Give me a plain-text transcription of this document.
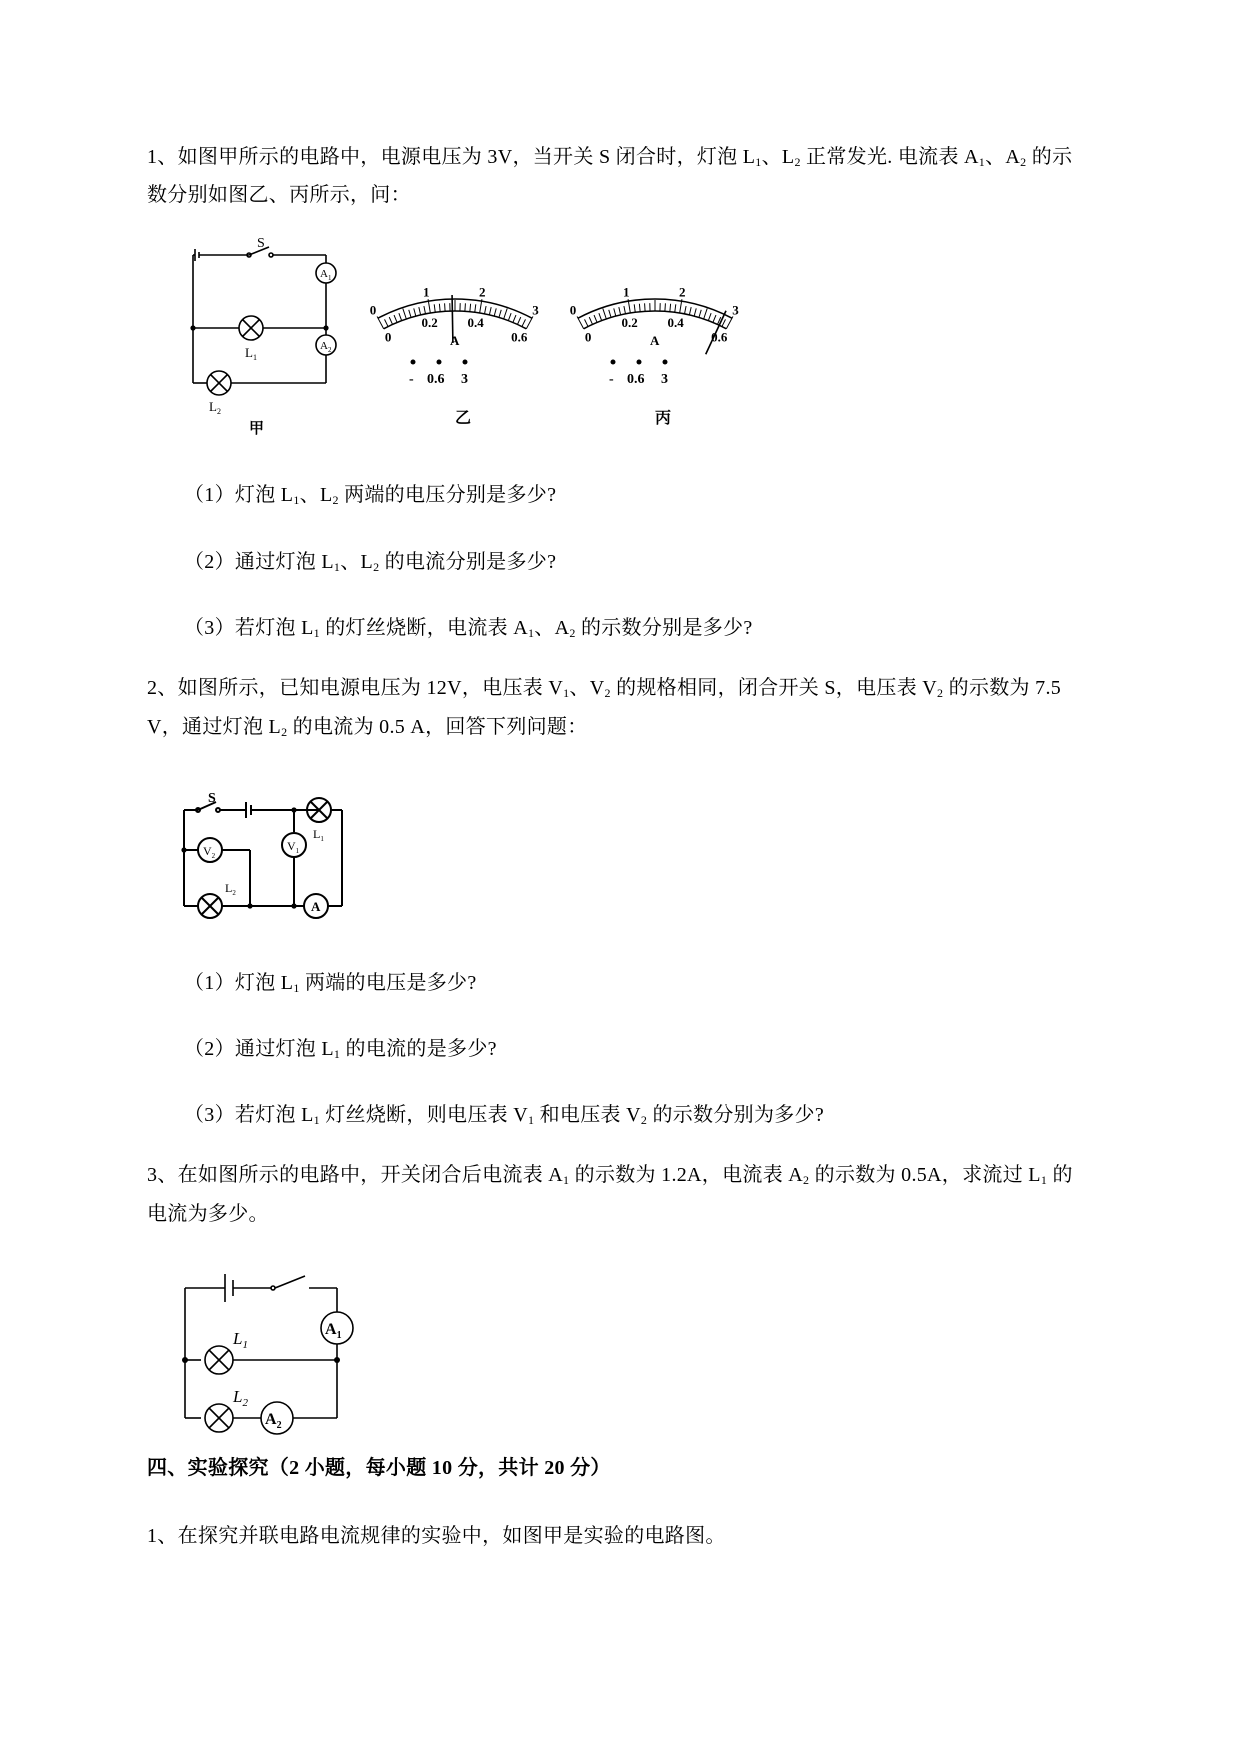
1、如图甲所示的电路中，电源电压为 3V，当开关 S 闭合时，灯泡 $L_1$、$L_2$ 正常发光. 电流表 $A_1$、$A_2$ 的示
数分别如图乙、丙所示，问：
S
$A_1$
$A_2$
$L_1$
$L_2$
甲
0
1	2
3
0
0.2 0.4
0.6
A
- 0.6 3
乙
0
1	2
3
0
0.2 0.4
0.6
A
- 0.6 3
丙
（1）灯泡 $L_1$、$L_2$ 两端的电压分别是多少?
（2）通过灯泡 $L_1$、$L_2$ 的电流分别是多少?
（3）若灯泡 $L_1$ 的灯丝烧断，电流表 $A_1$、$A_2$ 的示数分别是多少?
2、如图所示，已知电源电压为 12V，电压表 $V_1$、$V_2$ 的规格相同，闭合开关 S，电压表 $V_2$ 的示数为 7.5
V，通过灯泡 $L_2$ 的电流为 0.5 A，回答下列问题：
S
$L_1$
$L_2$
$V_1$
$V_2$
A
（1）灯泡 $L_1$ 两端的电压是多少?
（2）通过灯泡 $L_1$ 的电流的是多少?
（3）若灯泡 $L_1$ 灯丝烧断，则电压表 $V_1$ 和电压表 $V_2$ 的示数分别为多少?
3、在如图所示的电路中，开关闭合后电流表 $A_1$ 的示数为 1.2A，电流表 $A_2$ 的示数为 0.5A，求流过 $L_1$ 的
电流为多少。
$A_1$
$A_2$
$L_1$
$L_2$
四、实验探究（2 小题，每小题 10 分，共计 20 分）
1、在探究并联电路电流规律的实验中，如图甲是实验的电路图。
